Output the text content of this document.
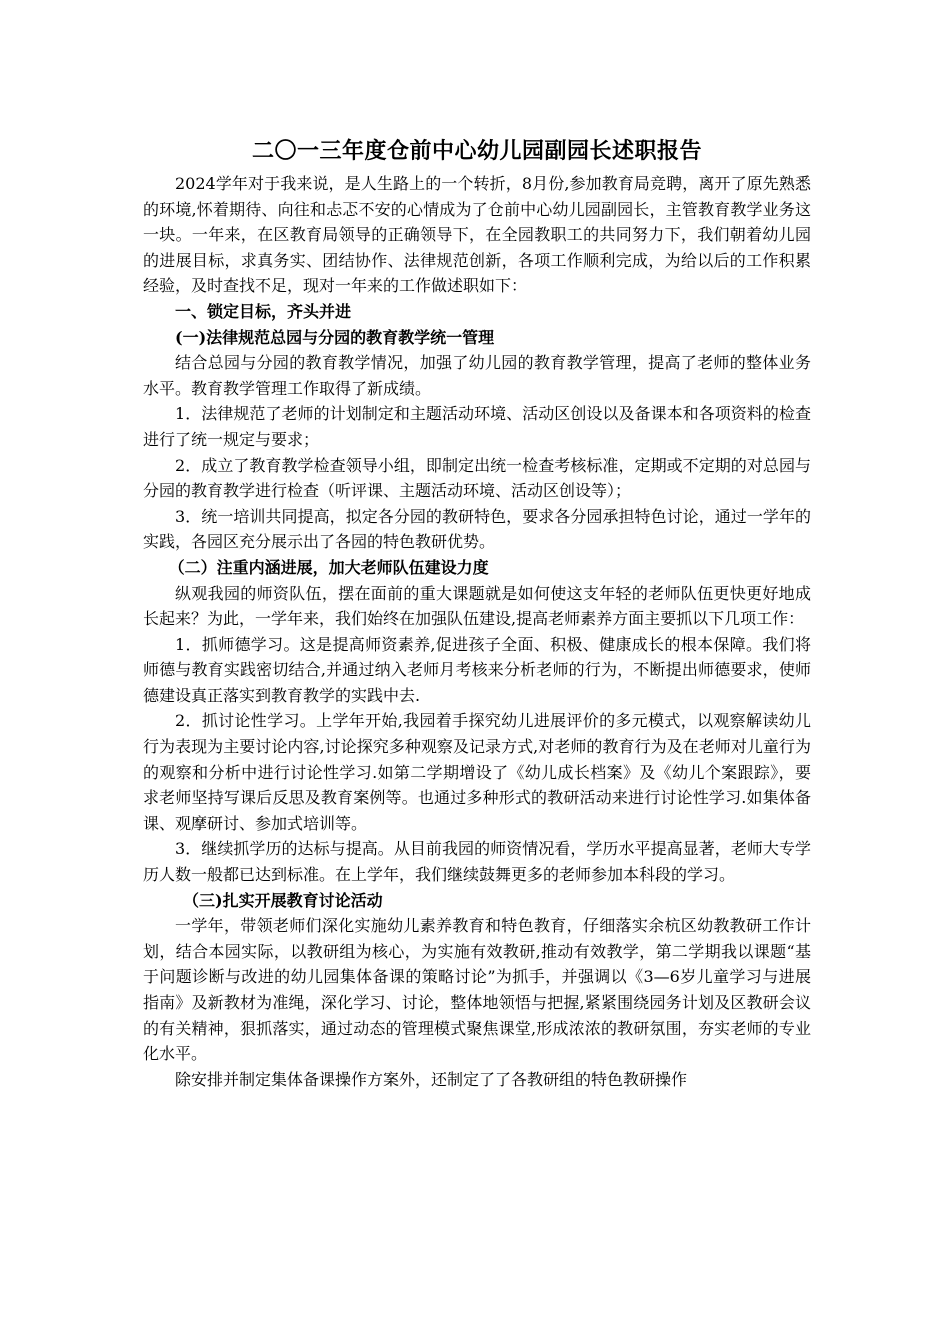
二〇一三年度仓前中心幼儿园副园长述职报告

2024学年对于我来说，是人生路上的一个转折，8月份,参加教育局竞聘，离开了原先熟悉的环境,怀着期待、向往和忐忑不安的心情成为了仓前中心幼儿园副园长，主管教育教学业务这一块。一年来，在区教育局领导的正确领导下，在全园教职工的共同努力下，我们朝着幼儿园的进展目标，求真务实、团结协作、法律规范创新，各项工作顺利完成，为给以后的工作积累经验，及时查找不足，现对一年来的工作做述职如下：

一、锁定目标，齐头并进

(一)法律规范总园与分园的教育教学统一管理

结合总园与分园的教育教学情况，加强了幼儿园的教育教学管理，提高了老师的整体业务水平。教育教学管理工作取得了新成绩。

1．法律规范了老师的计划制定和主题活动环境、活动区创设以及备课本和各项资料的检查进行了统一规定与要求；

2．成立了教育教学检查领导小组，即制定出统一检查考核标准，定期或不定期的对总园与分园的教育教学进行检查（听评课、主题活动环境、活动区创设等）；

3．统一培训共同提高，拟定各分园的教研特色，要求各分园承担特色讨论，通过一学年的实践，各园区充分展示出了各园的特色教研优势。

（二）注重内涵进展，加大老师队伍建设力度

纵观我园的师资队伍，摆在面前的重大课题就是如何使这支年轻的老师队伍更快更好地成长起来？为此，一学年来，我们始终在加强队伍建设,提高老师素养方面主要抓以下几项工作：

1．抓师德学习。这是提高师资素养,促进孩子全面、积极、健康成长的根本保障。我们将师德与教育实践密切结合,并通过纳入老师月考核来分析老师的行为，不断提出师德要求，使师德建设真正落实到教育教学的实践中去.

2．抓讨论性学习。上学年开始,我园着手探究幼儿进展评价的多元模式，以观察解读幼儿行为表现为主要讨论内容,讨论探究多种观察及记录方式,对老师的教育行为及在老师对儿童行为的观察和分析中进行讨论性学习.如第二学期增设了《幼儿成长档案》及《幼儿个案跟踪》，要求老师坚持写课后反思及教育案例等。也通过多种形式的教研活动来进行讨论性学习.如集体备课、观摩研讨、参加式培训等。

3．继续抓学历的达标与提高。从目前我园的师资情况看，学历水平提高显著，老师大专学历人数一般都已达到标准。在上学年，我们继续鼓舞更多的老师参加本科段的学习。

（三)扎实开展教育讨论活动

一学年，带领老师们深化实施幼儿素养教育和特色教育，仔细落实余杭区幼教教研工作计划，结合本园实际，以教研组为核心，为实施有效教研,推动有效教学，第二学期我以课题“基于问题诊断与改进的幼儿园集体备课的策略讨论”为抓手，并强调以《3—6岁儿童学习与进展指南》及新教材为准绳，深化学习、讨论，整体地领悟与把握,紧紧围绕园务计划及区教研会议的有关精神，狠抓落实，通过动态的管理模式聚焦课堂,形成浓浓的教研氛围，夯实老师的专业化水平。

除安排并制定集体备课操作方案外，还制定了了各教研组的特色教研操作
